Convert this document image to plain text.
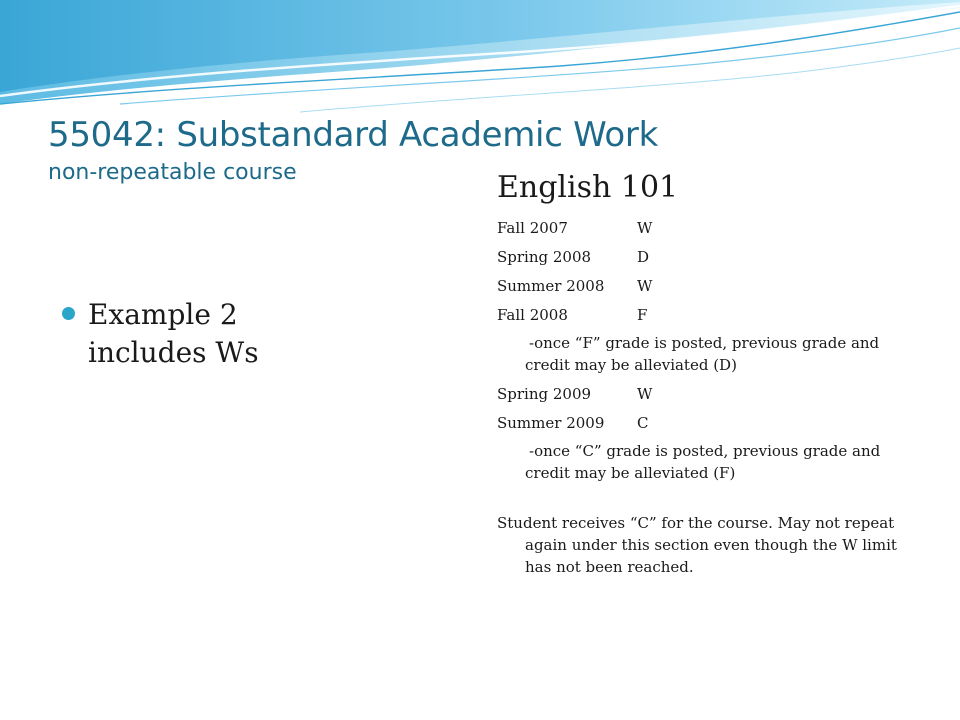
55042: Substandard Academic Work
non-repeatable course
Example 2 includes Ws
English 101
Fall 2007	W
Spring 2008	D
Summer 2008 W
Fall 2008	F
-once “F” grade is posted, previous grade and credit may be alleviated (D)
Spring 2009	W
Summer 2009 C
-once “C” grade is posted, previous grade and credit may be alleviated (F)

Student receives “C” for the course. May not repeat again under this section even though the W limit has not been reached.
